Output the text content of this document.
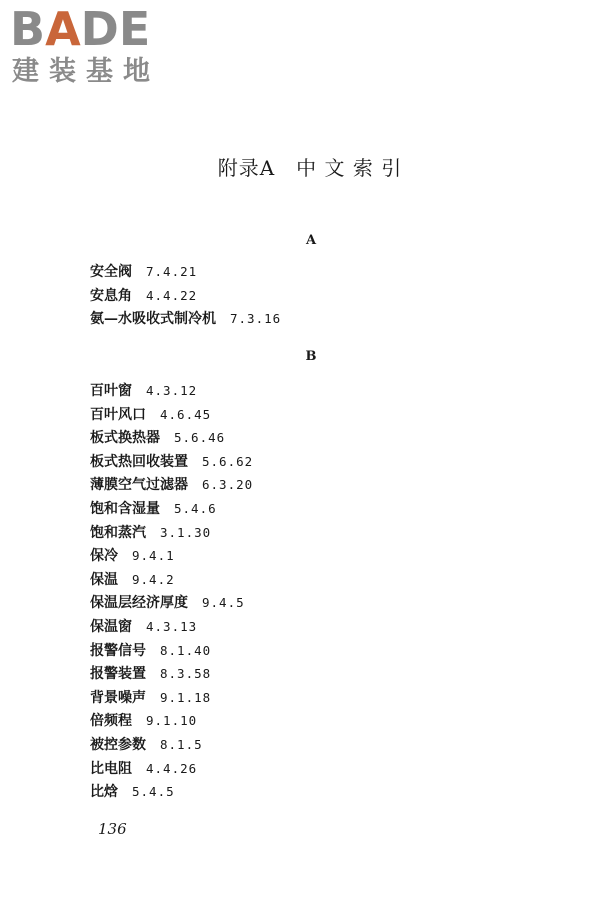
BADE
建装基地
附录A　中 文 索 引
A
安全阀 7.4.21
安息角 4.4.22
氨—水吸收式制冷机 7.3.16
B
百叶窗 4.3.12
百叶风口 4.6.45
板式换热器 5.6.46
板式热回收装置 5.6.62
薄膜空气过滤器 6.3.20
饱和含湿量 5.4.6
饱和蒸汽 3.1.30
保冷 9.4.1
保温 9.4.2
保温层经济厚度 9.4.5
保温窗 4.3.13
报警信号 8.1.40
报警装置 8.3.58
背景噪声 9.1.18
倍频程 9.1.10
被控参数 8.1.5
比电阻 4.4.26
比焓 5.4.5
136
